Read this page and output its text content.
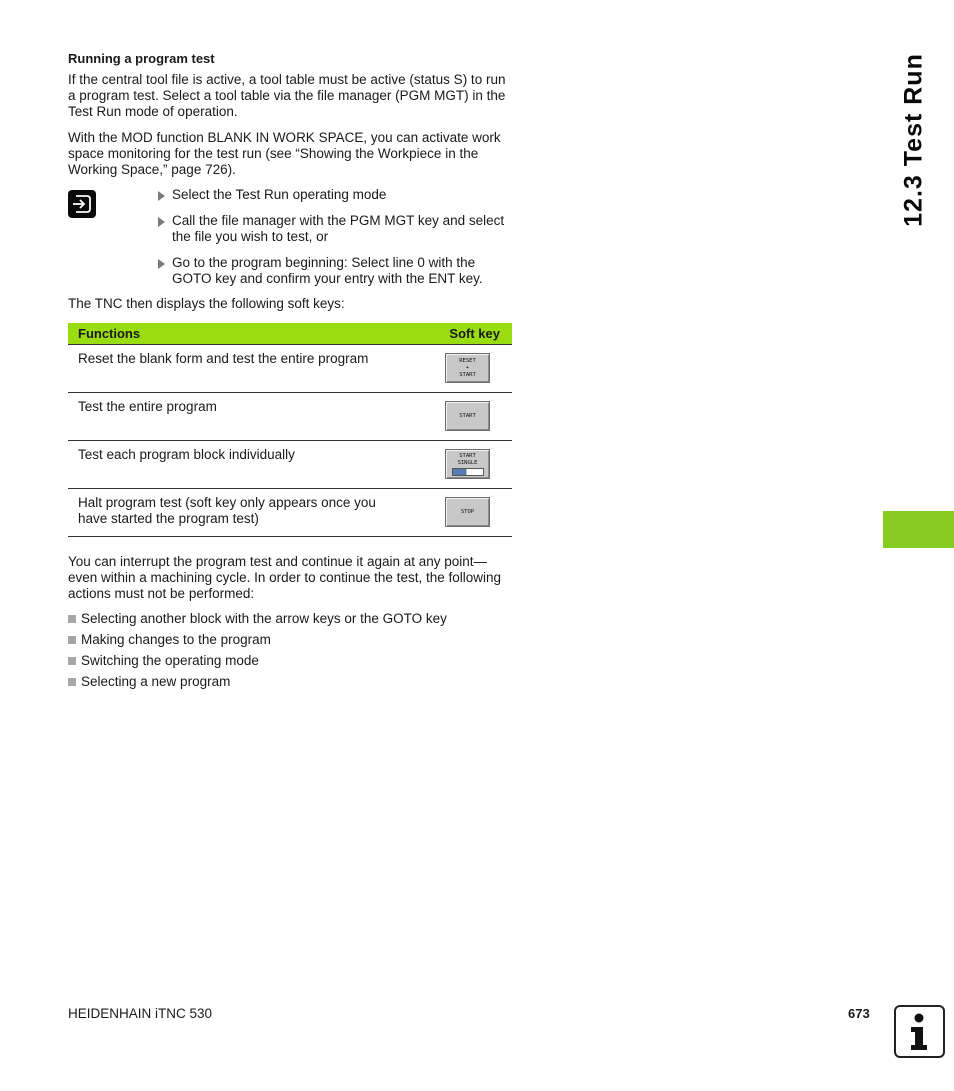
Running a program test
If the central tool file is active, a tool table must be active (status S) to run a program test. Select a tool table via the file manager (PGM MGT) in the Test Run mode of operation.
With the MOD function BLANK IN WORK SPACE, you can activate work space monitoring for the test run (see “Showing the Workpiece in the Working Space,” page 726).
Select the Test Run operating mode
Call the file manager with the PGM MGT key and select the file you wish to test, or
Go to the program beginning: Select line 0 with the GOTO key and confirm your entry with the ENT key.
The TNC then displays the following soft keys:
Functions	Soft key
Reset the blank form and test the entire program	RESET
+
START

Test the entire program	START

Test each program block individually	START
SINGLE

Halt program test (soft key only appears once you have started the program test)	STOP
You can interrupt the program test and continue it again at any point—even within a machining cycle. In order to continue the test, the following actions must not be performed:
Selecting another block with the arrow keys or the GOTO key
Making changes to the program
Switching the operating mode
Selecting a new program
12.3 Test Run
HEIDENHAIN iTNC 530	673
